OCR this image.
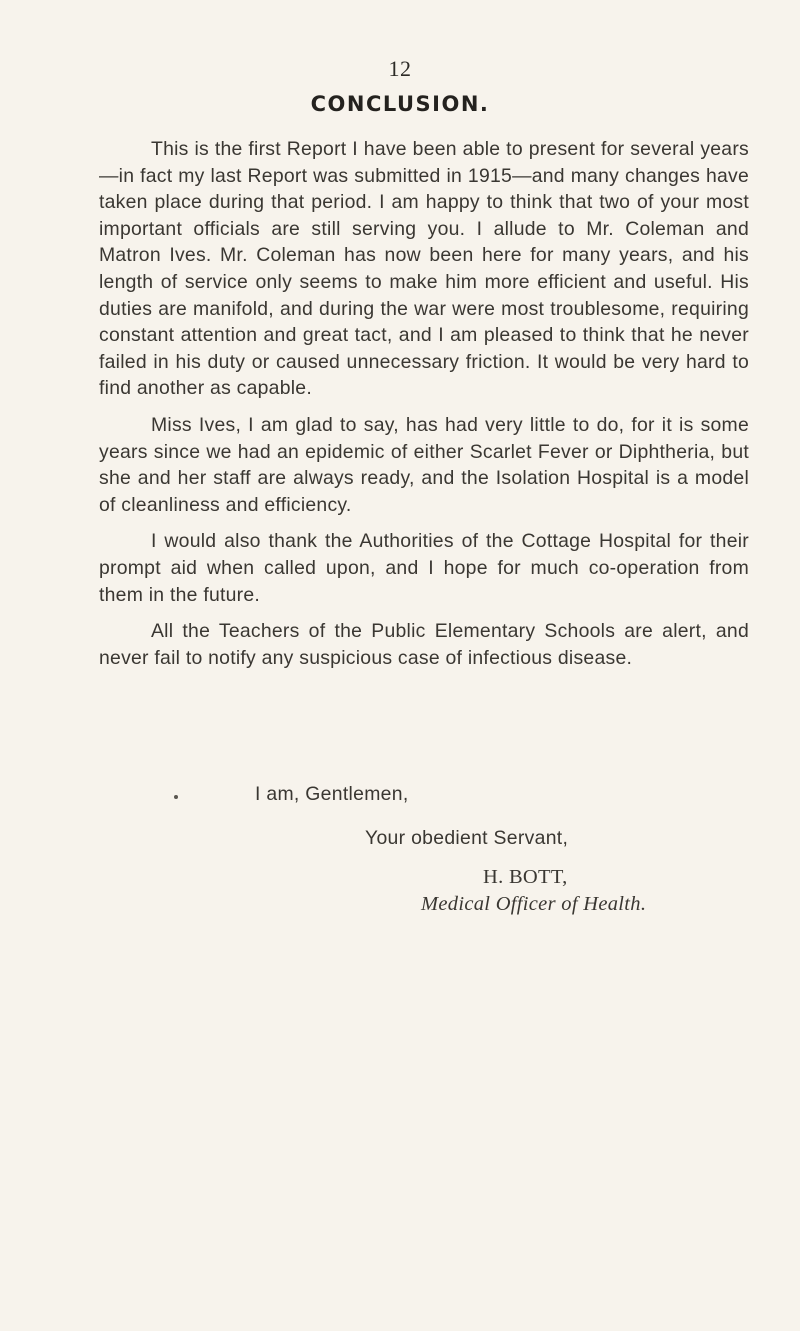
12
CONCLUSION.

This is the first Report I have been able to present for several years—in fact my last Report was submitted in 1915—and many changes have taken place during that period. I am happy to think that two of your most important officials are still serving you. I allude to Mr. Coleman and Matron Ives. Mr. Coleman has now been here for many years, and his length of service only seems to make him more efficient and useful. His duties are manifold, and during the war were most troublesome, requiring constant attention and great tact, and I am pleased to think that he never failed in his duty or caused unnecessary friction. It would be very hard to find another as capable.

Miss Ives, I am glad to say, has had very little to do, for it is some years since we had an epidemic of either Scarlet Fever or Diphtheria, but she and her staff are always ready, and the Isolation Hospital is a model of cleanliness and efficiency.

I would also thank the Authorities of the Cottage Hospital for their prompt aid when called upon, and I hope for much co-operation from them in the future.

All the Teachers of the Public Elementary Schools are alert, and never fail to notify any suspicious case of infectious disease.

I am, Gentlemen,
Your obedient Servant,
H. BOTT,
Medical Officer of Health.
